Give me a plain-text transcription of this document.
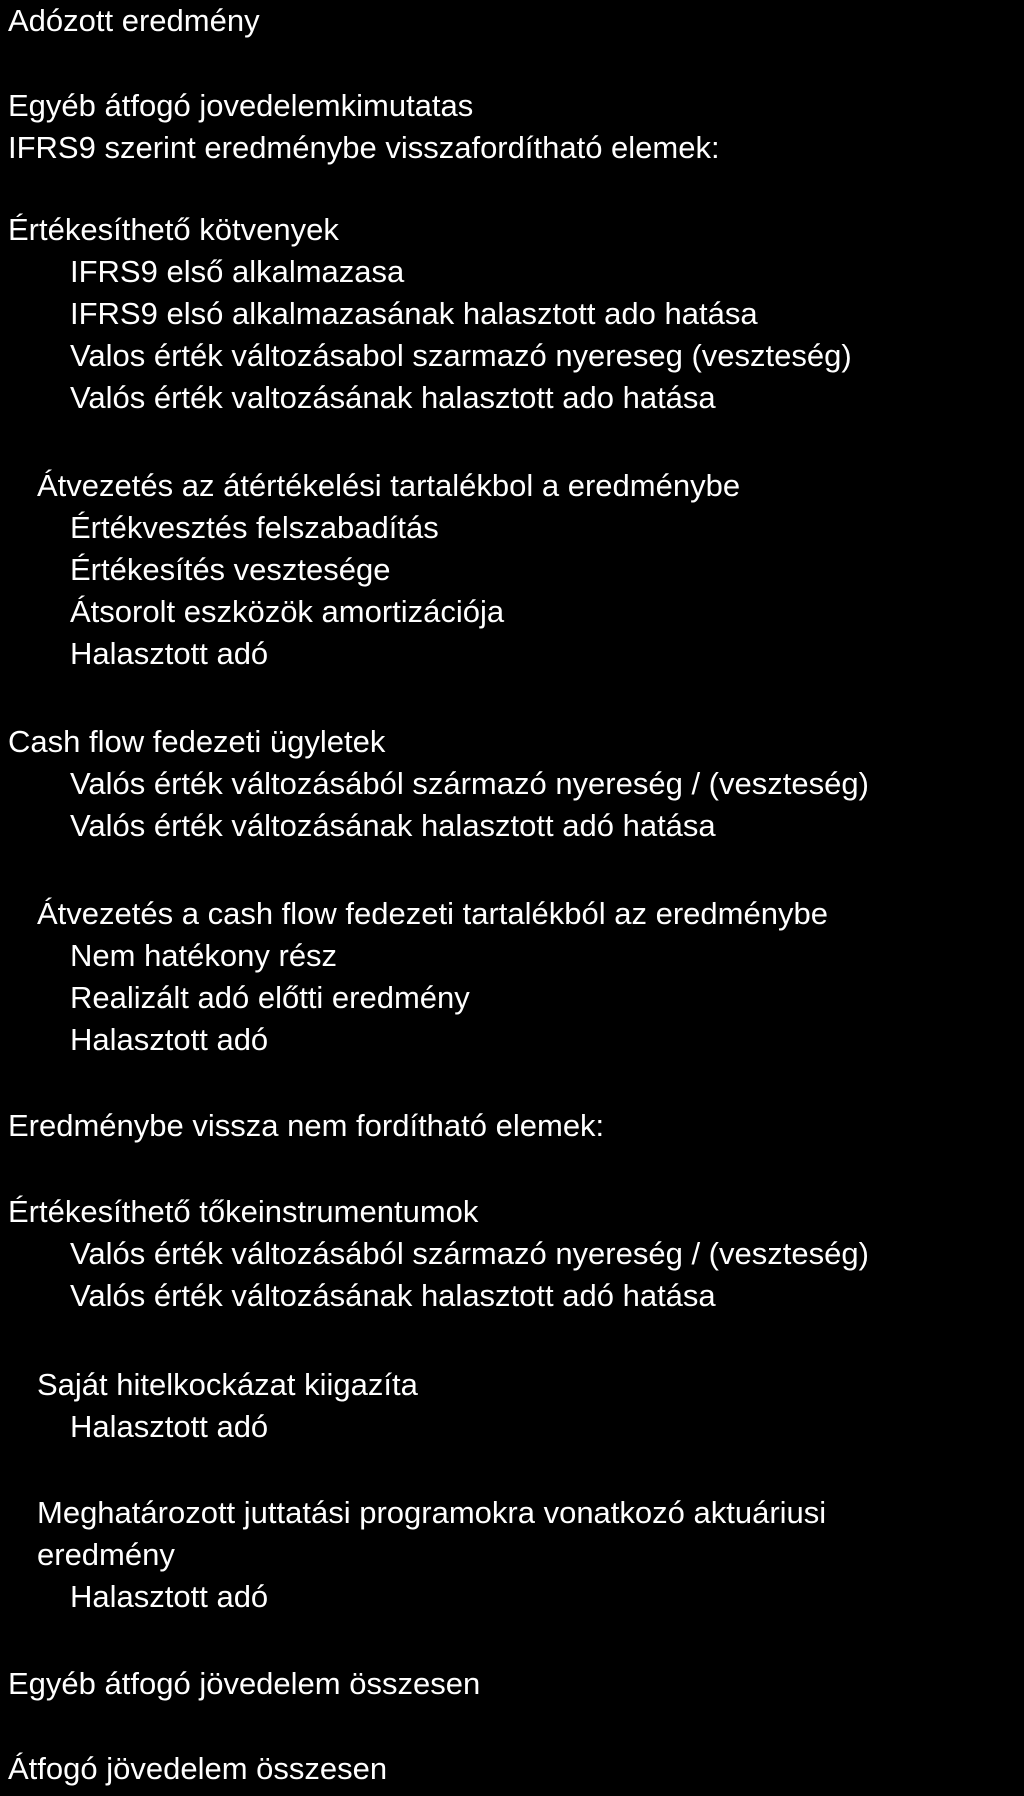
Adózott eredmény

Egyéb átfogó jovedelemkimutatas

IFRS9 szerint eredménybe visszafordítható elemek:

Értékesíthető kötvenyek

IFRS9 első alkalmazasa

IFRS9 elsó alkalmazasának halasztott ado hatása

Valos érték változásabol szarmazó nyereseg (veszteség)

Valós érték valtozásának halasztott ado hatása

Átvezetés az átértékelési tartalékbol a eredménybe

Értékvesztés felszabadítás

Értékesítés vesztesége

Átsorolt eszközök amortizációja

Halasztott adó

Cash flow fedezeti ügyletek

Valós érték változásából származó nyereség / (veszteség)

Valós érték változásának halasztott adó hatása

Átvezetés a cash flow fedezeti tartalékból az eredménybe

Nem hatékony rész

Realizált adó előtti eredmény

Halasztott adó

Eredménybe vissza nem fordítható elemek:

Értékesíthető tőkeinstrumentumok

Valós érték változásából származó nyereség / (veszteség)

Valós érték változásának halasztott adó hatása

Saját hitelkockázat kiigazíta

Halasztott adó

Meghatározott juttatási programokra vonatkozó aktuáriusi

eredmény

Halasztott adó

Egyéb átfogó jövedelem összesen

Átfogó jövedelem összesen
